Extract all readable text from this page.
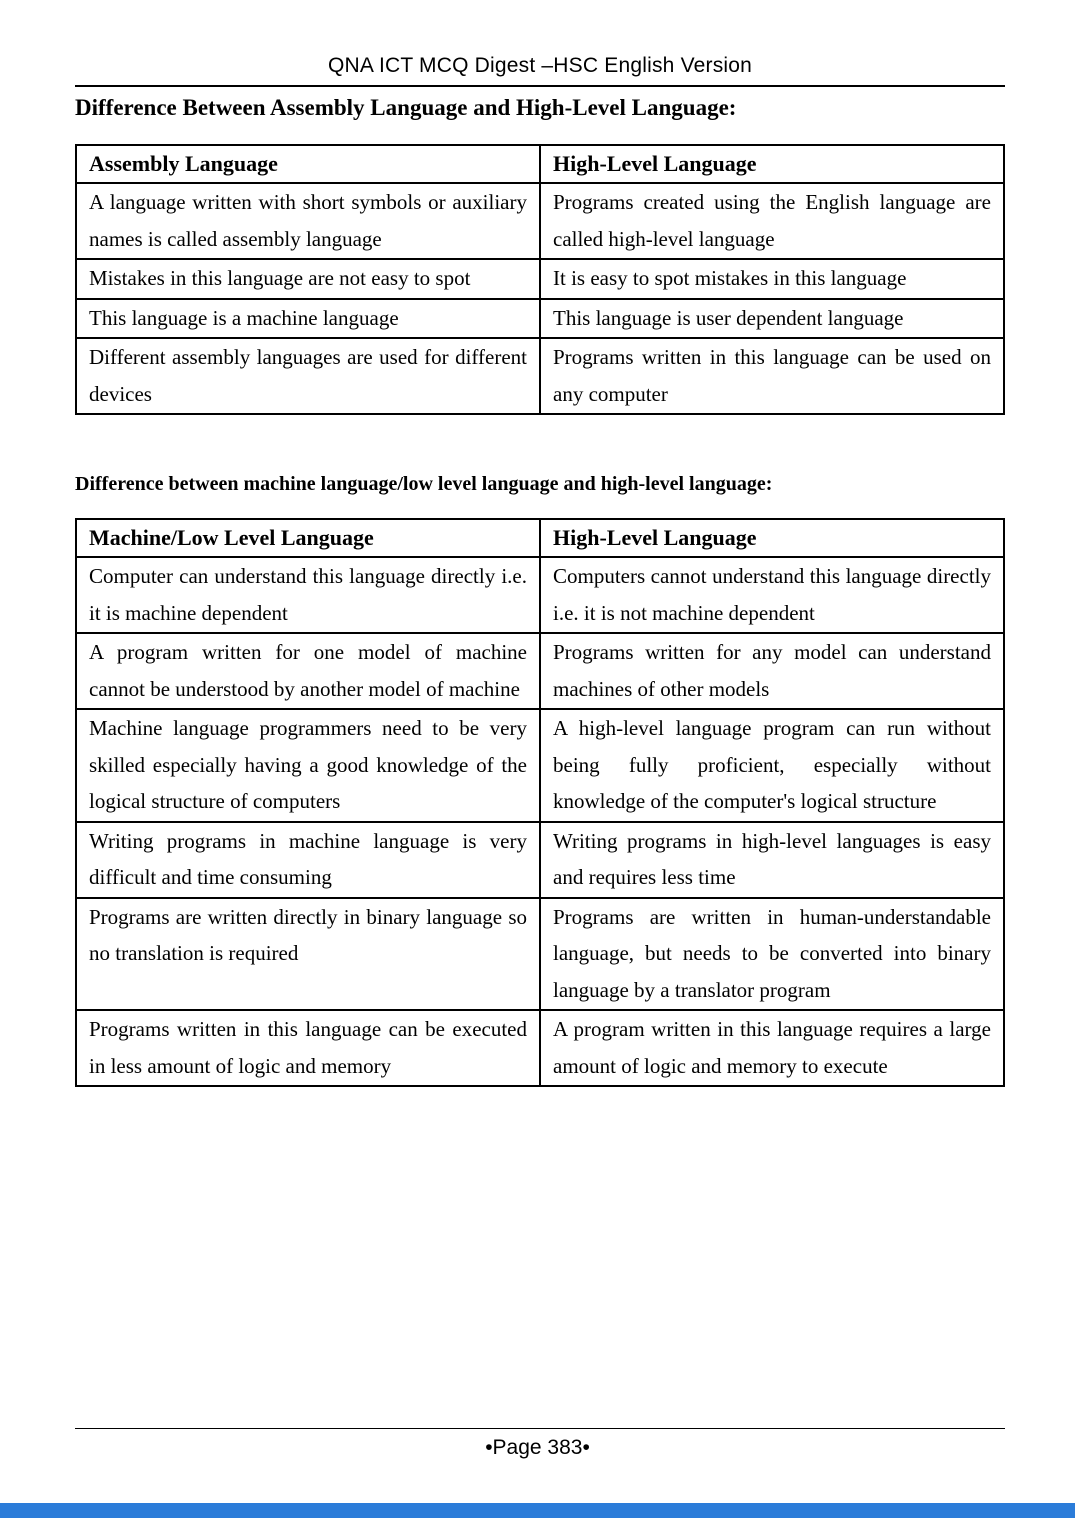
QNA ICT MCQ Digest –HSC English Version
Difference Between Assembly Language and High-Level Language:
Assembly Language	High-Level Language
A language written with short symbols or auxiliary names is called assembly language	Programs created using the English language are called high-level language
Mistakes in this language are not easy to spot	It is easy to spot mistakes in this language
This language is a machine language	This language is user dependent language
Different assembly languages are used for different devices	Programs written in this language can be used on any computer
Difference between machine language/low level language and high-level language:
Machine/Low Level Language	High-Level Language
Computer can understand this language directly i.e. it is machine dependent	Computers cannot understand this language directly i.e. it is not machine dependent
A program written for one model of machine cannot be understood by another model of machine	Programs written for any model can understand machines of other models
Machine language programmers need to be very skilled especially having a good knowledge of the logical structure of computers	A high-level language program can run without being fully proficient, especially without knowledge of the computer's logical structure
Writing programs in machine language is very difficult and time consuming	Writing programs in high-level languages is easy and requires less time
Programs are written directly in binary language so no translation is required	Programs are written in human-understandable language, but needs to be converted into binary language by a translator program
Programs written in this language can be executed in less amount of logic and memory	A program written in this language requires a large amount of logic and memory to execute
•Page 383•
